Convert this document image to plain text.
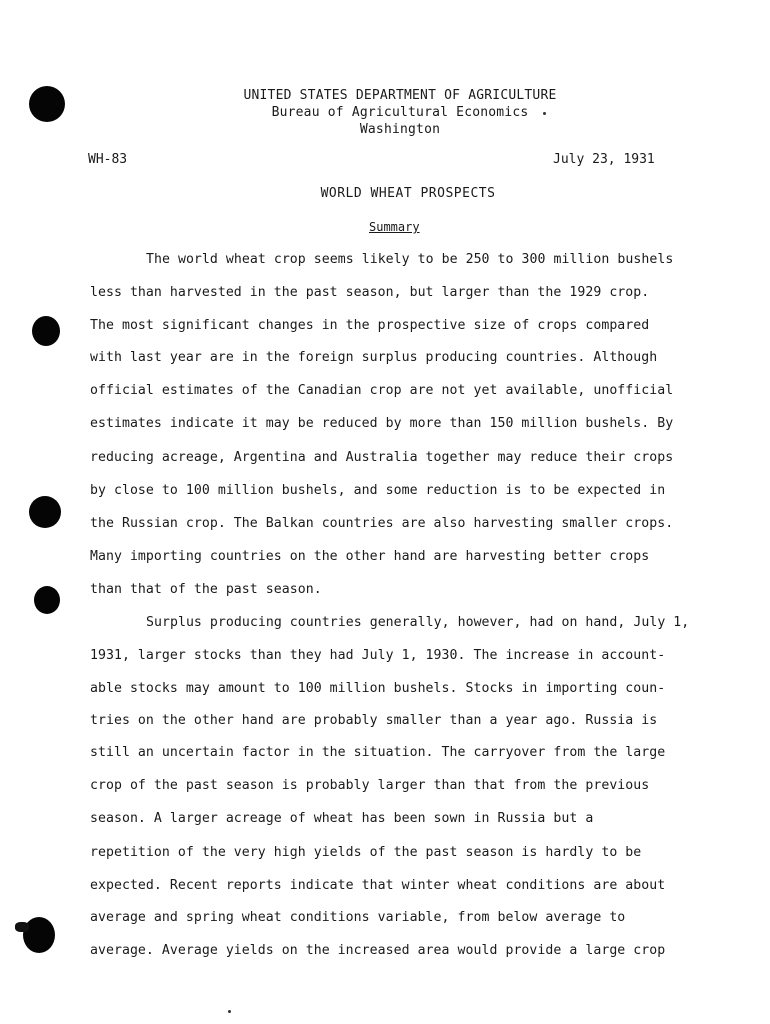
UNITED STATES DEPARTMENT OF AGRICULTURE
Bureau of Agricultural Economics
Washington
WH-83	July 23, 1931
WORLD WHEAT PROSPECTS
Summary
The world wheat crop seems likely to be 250 to 300 million bushels
less than harvested in the past season, but larger than the 1929 crop.
The most significant changes in the prospective size of crops compared
with last year are in the foreign surplus producing countries. Although
official estimates of the Canadian crop are not yet available, unofficial
estimates indicate it may be reduced by more than 150 million bushels. By
reducing acreage, Argentina and Australia together may reduce their crops
by close to 100 million bushels, and some reduction is to be expected in
the Russian crop. The Balkan countries are also harvesting smaller crops.
Many importing countries on the other hand are harvesting better crops
than that of the past season.
Surplus producing countries generally, however, had on hand, July 1,
1931, larger stocks than they had July 1, 1930. The increase in account-
able stocks may amount to 100 million bushels. Stocks in importing coun-
tries on the other hand are probably smaller than a year ago. Russia is
still an uncertain factor in the situation. The carryover from the large
crop of the past season is probably larger than that from the previous
season. A larger acreage of wheat has been sown in Russia but a
repetition of the very high yields of the past season is hardly to be
expected. Recent reports indicate that winter wheat conditions are about
average and spring wheat conditions variable, from below average to
average. Average yields on the increased area would provide a large crop
